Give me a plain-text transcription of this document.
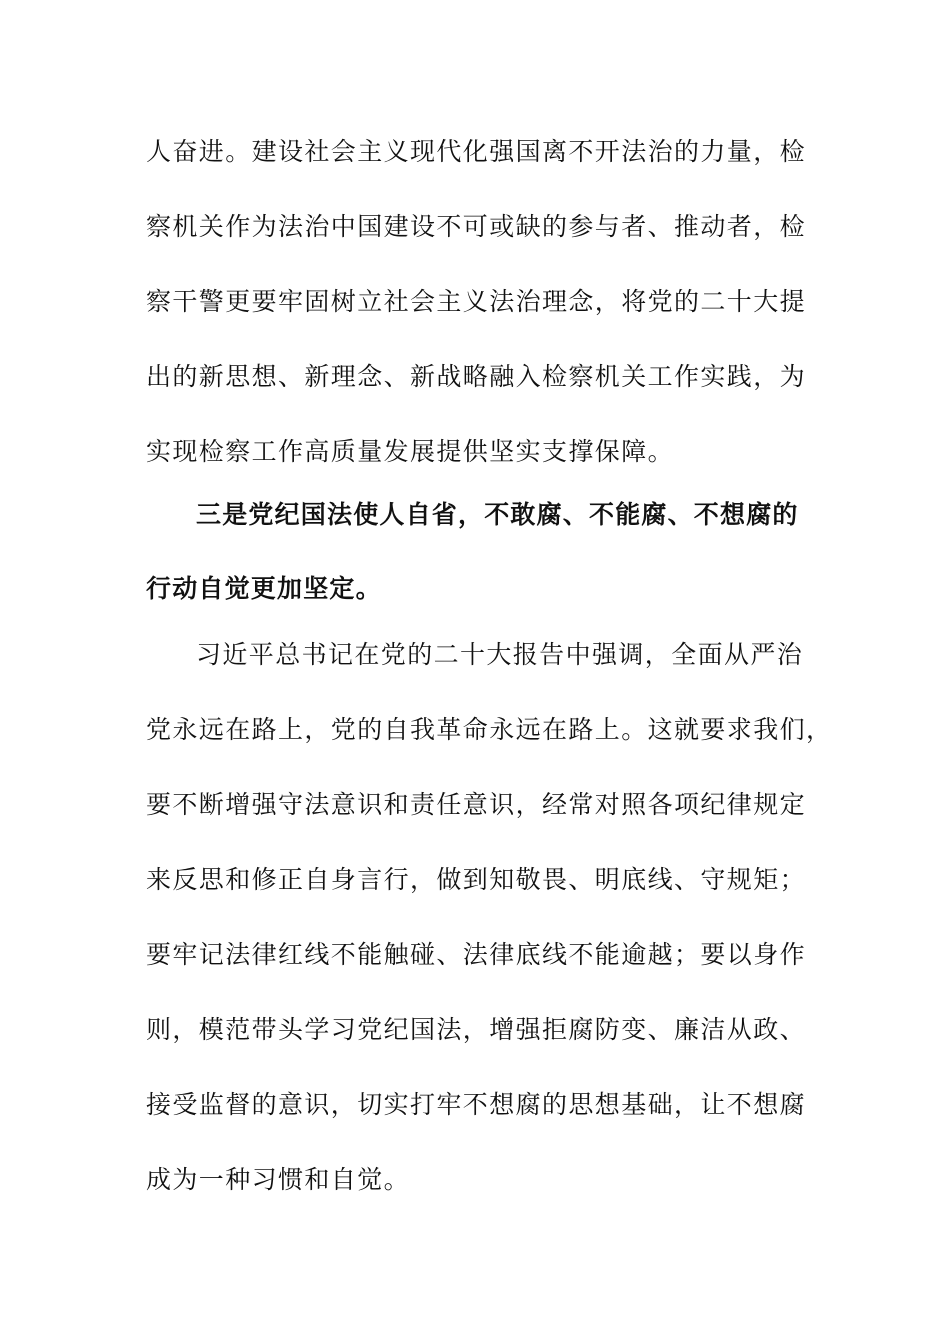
人奋进。建设社会主义现代化强国离不开法治的力量，检
察机关作为法治中国建设不可或缺的参与者、推动者，检
察干警更要牢固树立社会主义法治理念，将党的二十大提
出的新思想、新理念、新战略融入检察机关工作实践，为
实现检察工作高质量发展提供坚实支撑保障。
三是党纪国法使人自省，不敢腐、不能腐、不想腐的
行动自觉更加坚定。
习近平总书记在党的二十大报告中强调，全面从严治
党永远在路上，党的自我革命永远在路上。这就要求我们，
要不断增强守法意识和责任意识，经常对照各项纪律规定
来反思和修正自身言行，做到知敬畏、明底线、守规矩；
要牢记法律红线不能触碰、法律底线不能逾越；要以身作
则，模范带头学习党纪国法，增强拒腐防变、廉洁从政、
接受监督的意识，切实打牢不想腐的思想基础，让不想腐
成为一种习惯和自觉。
